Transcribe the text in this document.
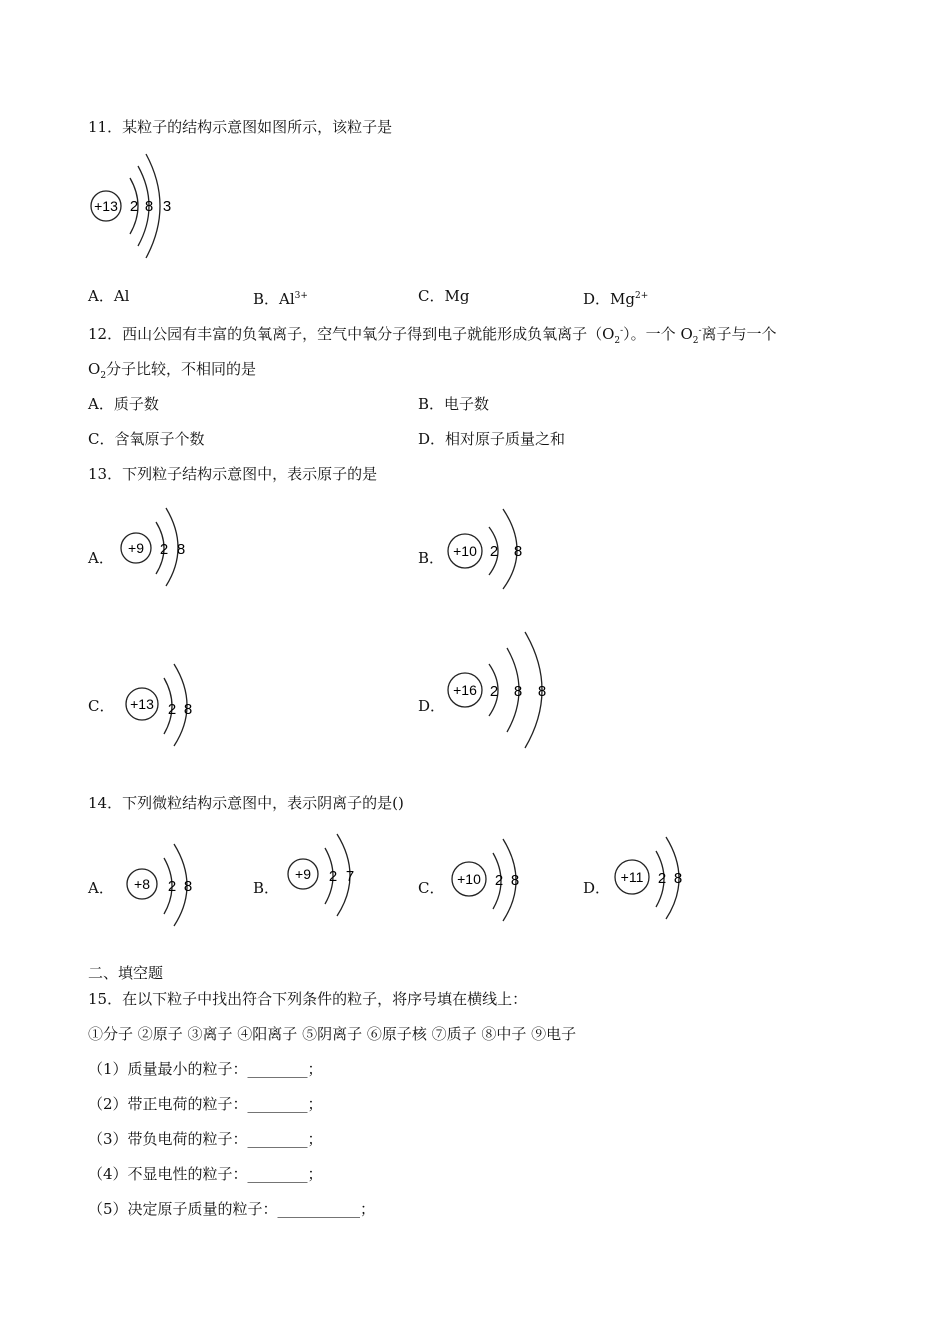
11．某粒子的结构示意图如图所示，该粒子是
+13 2 8 3
A．Al	B．$Al^{3+}$	C．Mg	D．$Mg^{2+}$
12．西山公园有丰富的负氧离子，空气中氧分子得到电子就能形成负氧离子$(O_2^-)$。一个 $O_2^-$离子与一个
$O_2$分子比较，不相同的是
A．质子数	B．电子数
C．含氧原子个数	D．相对原子质量之和
13．下列粒子结构示意图中，表示原子的是
A．
+9 2 8	B． +10 2 8
C． +13 2 8	D．
+16 2 8 8
14．下列微粒结构示意图中，表示阴离子的是()
A． +8 2 8	B．
+9 2 7
C． +10 2 8	D．
+11 2 8
二、填空题
15．在以下粒子中找出符合下列条件的粒子，将序号填在横线上：
①分子 ②原子 ③离子 ④阳离子 ⑤阴离子 ⑥原子核 ⑦质子 ⑧中子 ⑨电子
（1）质量最小的粒子：________；
（2）带正电荷的粒子：________；
（3）带负电荷的粒子：________；
（4）不显电性的粒子：________；
（5）决定原子质量的粒子：___________；
